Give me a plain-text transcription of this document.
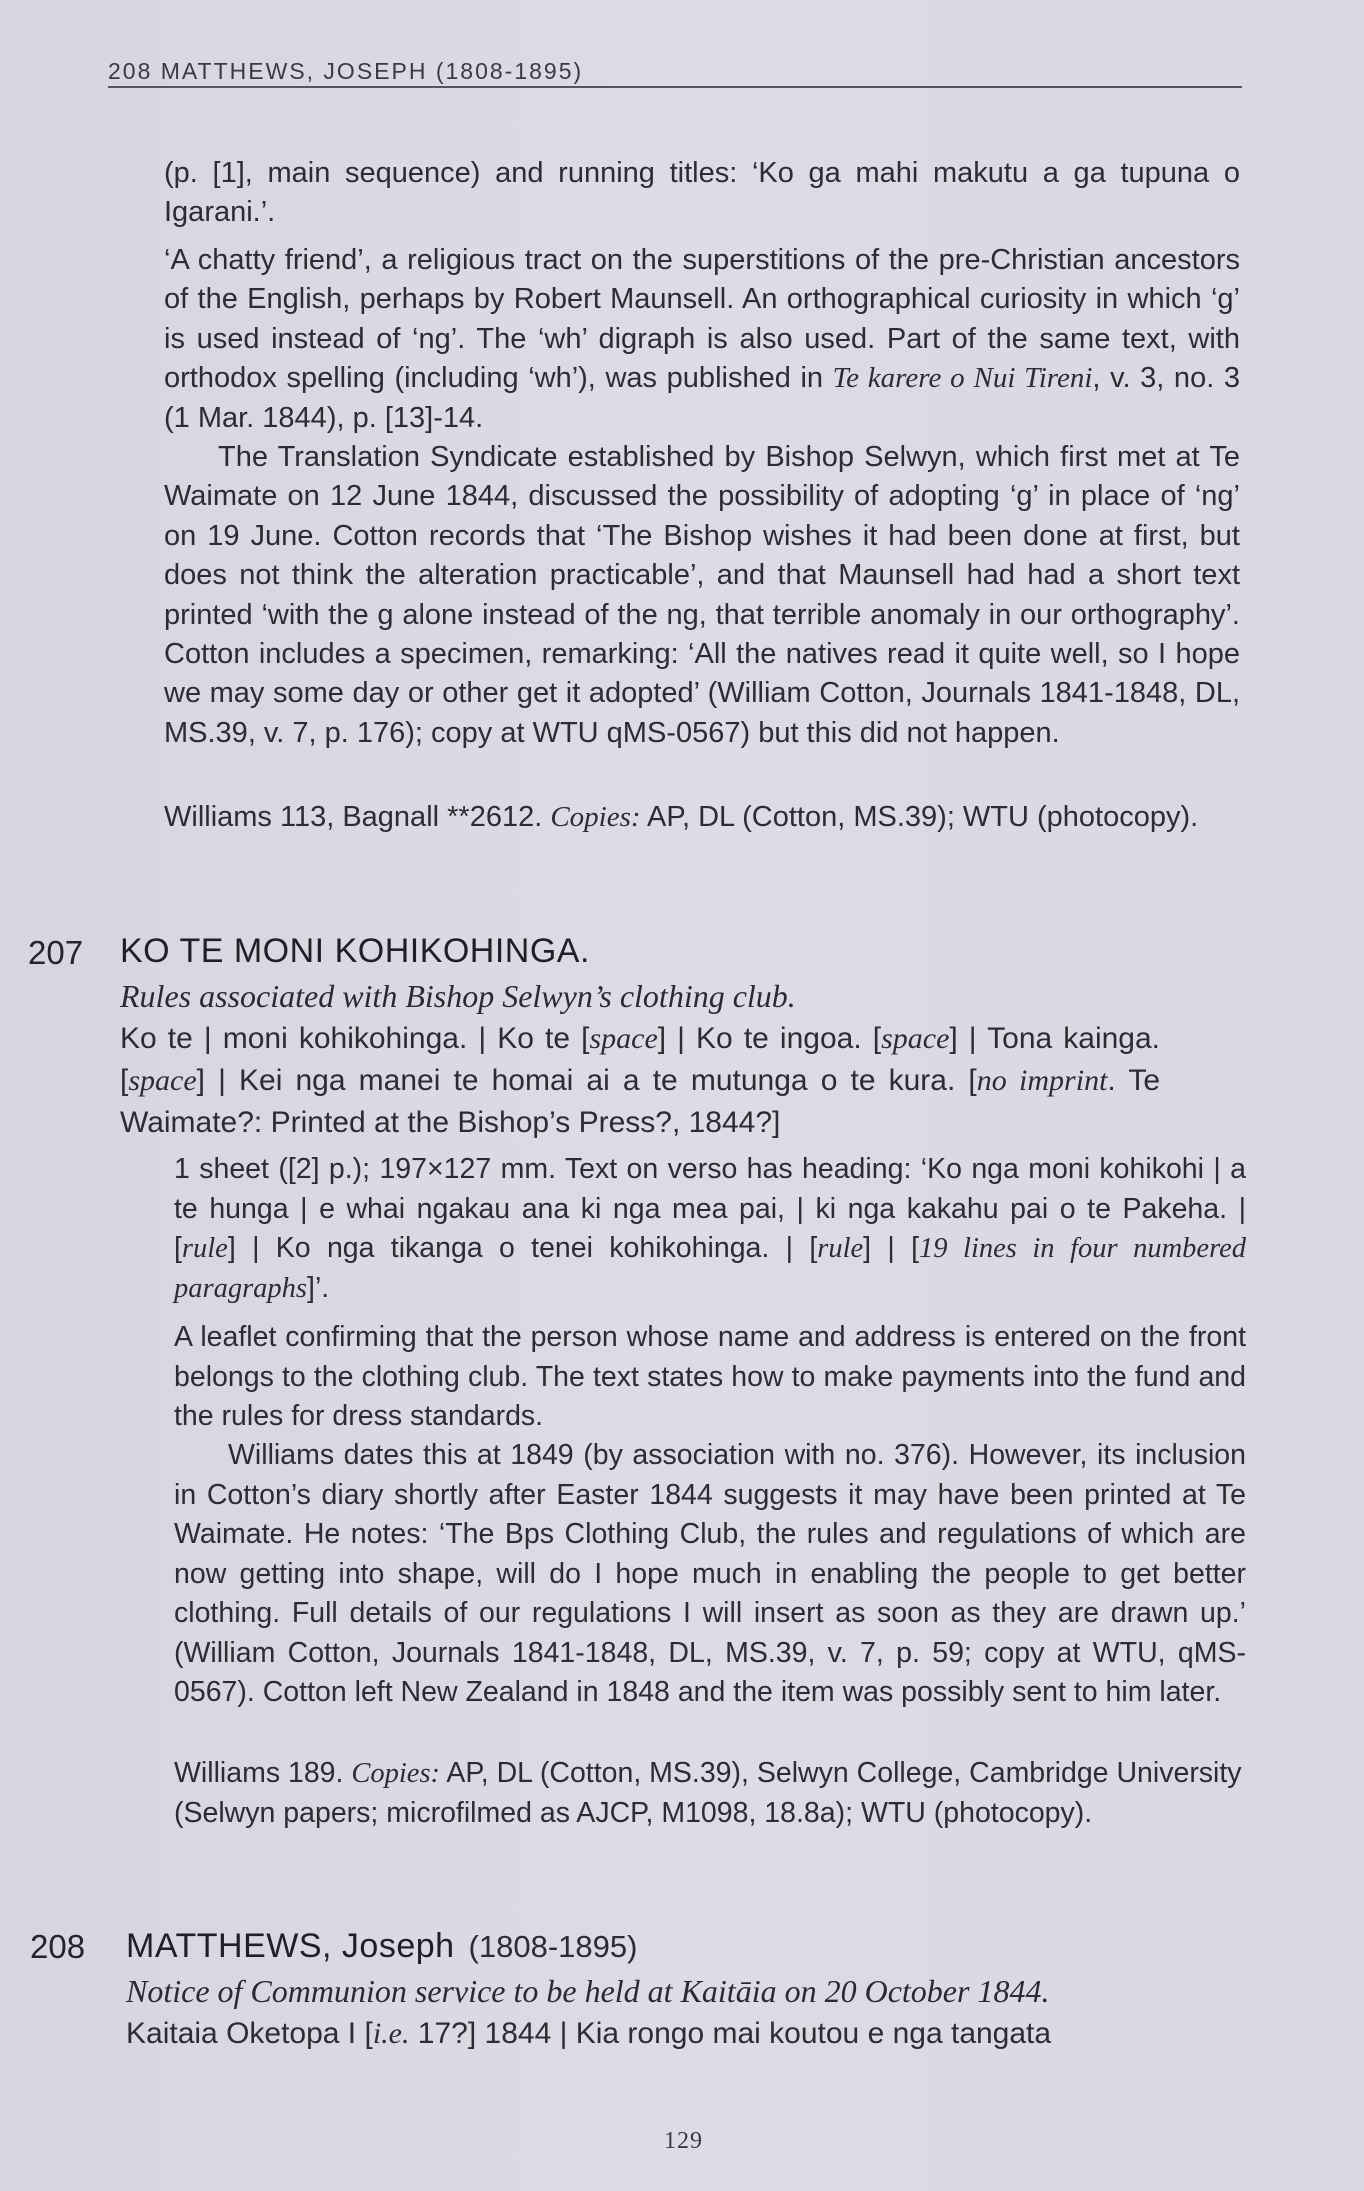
208 MATTHEWS, JOSEPH (1808-1895)

(p. [1], main sequence) and running titles: ‘Ko ga mahi makutu a ga tupuna o Igarani.’.

‘A chatty friend’, a religious tract on the superstitions of the pre-Christian ancestors of the English, perhaps by Robert Maunsell. An orthographical curiosity in which ‘g’ is used instead of ‘ng’. The ‘wh’ digraph is also used. Part of the same text, with orthodox spelling (including ‘wh’), was published in Te karere o Nui Tireni, v. 3, no. 3 (1 Mar. 1844), p. [13]-14.

The Translation Syndicate established by Bishop Selwyn, which first met at Te Waimate on 12 June 1844, discussed the possibility of adopting ‘g’ in place of ‘ng’ on 19 June. Cotton records that ‘The Bishop wishes it had been done at first, but does not think the alteration practicable’, and that Maunsell had had a short text printed ‘with the g alone instead of the ng, that terrible anomaly in our orthography’. Cotton includes a specimen, remarking: ‘All the natives read it quite well, so I hope we may some day or other get it adopted’ (William Cotton, Journals 1841-1848, DL, MS.39, v. 7, p. 176); copy at WTU qMS-0567) but this did not happen.

Williams 113, Bagnall **2612. Copies: AP, DL (Cotton, MS.39); WTU (photocopy).

207 KO TE MONI KOHIKOHINGA.
Rules associated with Bishop Selwyn’s clothing club.

Ko te | moni kohikohinga. | Ko te [space] | Ko te ingoa. [space] | Tona kainga. [space] | Kei nga manei te homai ai a te mutunga o te kura. [no imprint. Te Waimate?: Printed at the Bishop’s Press?, 1844?]

1 sheet ([2] p.); 197×127 mm. Text on verso has heading: ‘Ko nga moni kohikohi | a te hunga | e whai ngakau ana ki nga mea pai, | ki nga kakahu pai o te Pakeha. | [rule] | Ko nga tikanga o tenei kohikohinga. | [rule] | [19 lines in four numbered paragraphs]’.

A leaflet confirming that the person whose name and address is entered on the front belongs to the clothing club. The text states how to make payments into the fund and the rules for dress standards.

Williams dates this at 1849 (by association with no. 376). However, its inclusion in Cotton’s diary shortly after Easter 1844 suggests it may have been printed at Te Waimate. He notes: ‘The Bps Clothing Club, the rules and regulations of which are now getting into shape, will do I hope much in enabling the people to get better clothing. Full details of our regulations I will insert as soon as they are drawn up.’ (William Cotton, Journals 1841-1848, DL, MS.39, v. 7, p. 59; copy at WTU, qMS-0567). Cotton left New Zealand in 1848 and the item was possibly sent to him later.

Williams 189. Copies: AP, DL (Cotton, MS.39), Selwyn College, Cambridge University (Selwyn papers; microfilmed as AJCP, M1098, 18.8a); WTU (photocopy).

208 MATTHEWS, Joseph (1808-1895)
Notice of Communion service to be held at Kaitāia on 20 October 1844.

Kaitaia Oketopa I [i.e. 17?] 1844 | Kia rongo mai koutou e nga tangata

129
